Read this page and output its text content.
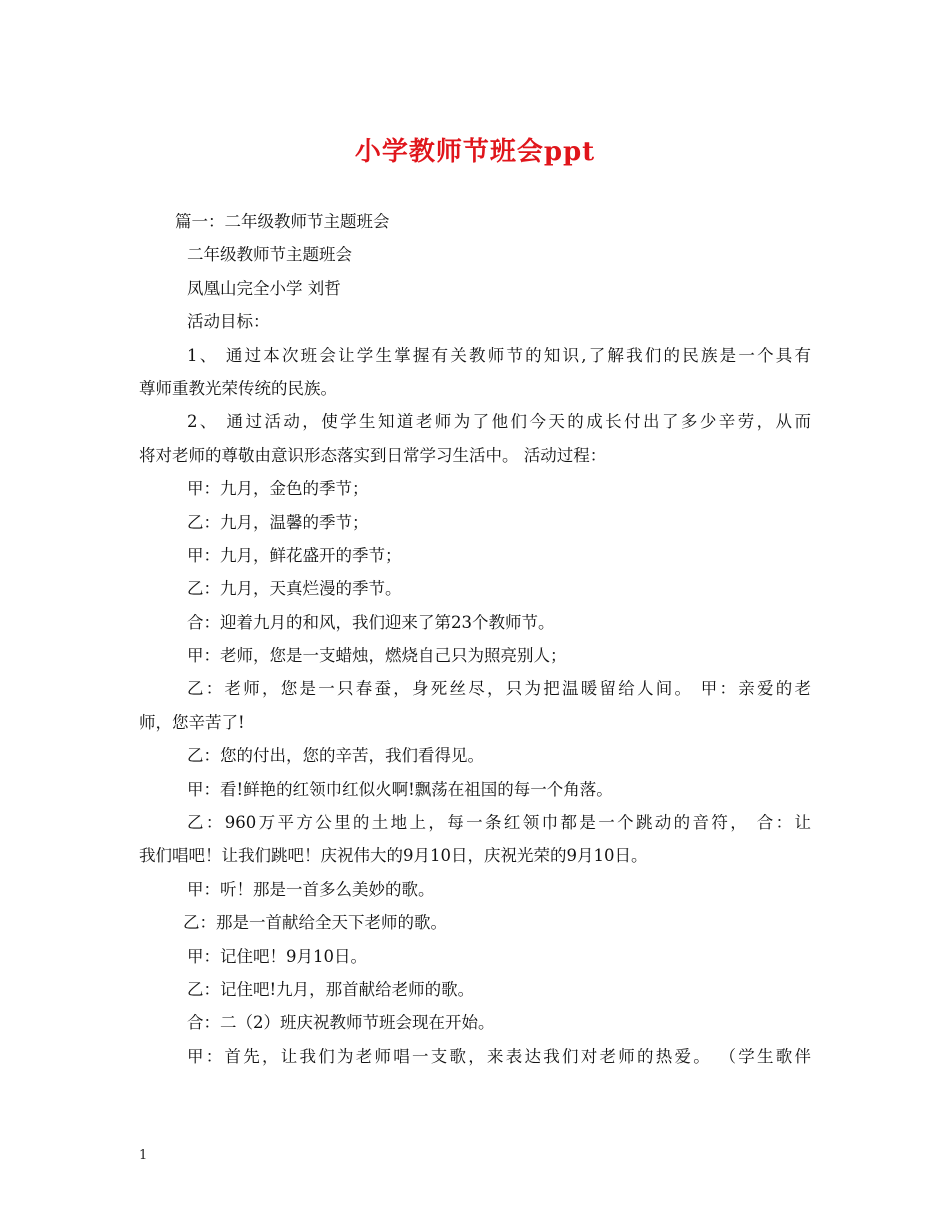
小学教师节班会ppt
篇一：二年级教师节主题班会
二年级教师节主题班会
凤凰山完全小学 刘哲
活动目标：
1、 通过本次班会让学生掌握有关教师节的知识,了解我们的民族是一个具有
尊师重教光荣传统的民族。
2、 通过活动，使学生知道老师为了他们今天的成长付出了多少辛劳，从而
将对老师的尊敬由意识形态落实到日常学习生活中。 活动过程：
甲：九月，金色的季节；
乙：九月，温馨的季节；
甲：九月，鲜花盛开的季节；
乙：九月，天真烂漫的季节。
合：迎着九月的和风，我们迎来了第23个教师节。
甲：老师，您是一支蜡烛，燃烧自己只为照亮别人；
乙：老师，您是一只春蚕，身死丝尽，只为把温暖留给人间。 甲：亲爱的老
师，您辛苦了!
乙：您的付出，您的辛苦，我们看得见。
甲：看!鲜艳的红领巾红似火啊!飘荡在祖国的每一个角落。
乙：960万平方公里的土地上，每一条红领巾都是一个跳动的音符， 合：让
我们唱吧！让我们跳吧！庆祝伟大的9月10日，庆祝光荣的9月10日。
甲：听！那是一首多么美妙的歌。
乙：那是一首献给全天下老师的歌。
甲：记住吧！9月10日。
乙：记住吧!九月，那首献给老师的歌。
合：二（2）班庆祝教师节班会现在开始。
甲：首先，让我们为老师唱一支歌，来表达我们对老师的热爱。 （学生歌伴
1
